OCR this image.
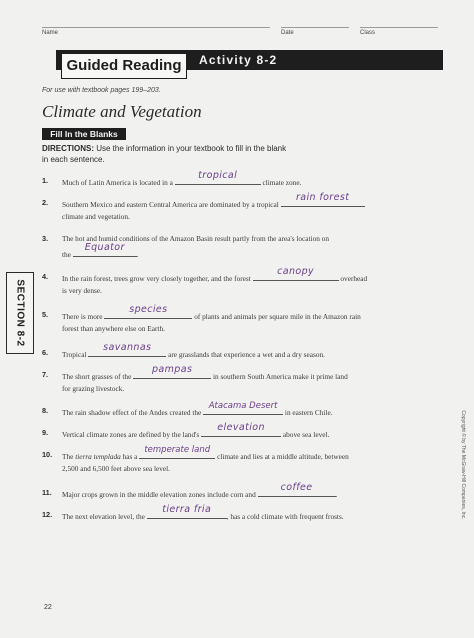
Name	Date	Class
Guided Reading	Activity 8-2
For use with textbook pages 199–203.
Climate and Vegetation
Fill In the Blanks
DIRECTIONS: Use the information in your textbook to fill in the blank
in each sentence.
SECTION 8-2
1. Much of Latin America is located in a
tropical
climate zone.
2. Southern Mexico and eastern Central America are dominated by a tropical
rain forest
climate and vegetation.
3. The hot and humid conditions of the Amazon Basin result partly from the area's location on
the
Equator
.
4. In the rain forest, trees grow very closely together, and the forest
canopy
overhead
is very dense.
5. There is more
species
of plants and animals per square mile in the Amazon rain
forest than anywhere else on Earth.
6. Tropical
savannas
are grasslands that experience a wet and a dry season.
7. The short grasses of the
pampas
in southern South America make it prime land
for grazing livestock.
8. The rain shadow effect of the Andes created the
Atacama Desert
in eastern Chile.
9. Vertical climate zones are defined by the land's
elevation
above sea level.
10. The tierra templada has a
temperate land
climate and lies at a middle altitude, between
2,500 and 6,500 feet above sea level.
11. Major crops grown in the middle elevation zones include corn and
coffee
.
12. The next elevation level, the
tierra fria
, has a cold climate with frequent frosts.	Copyright © by The McGraw-Hill Companies, Inc.
22
